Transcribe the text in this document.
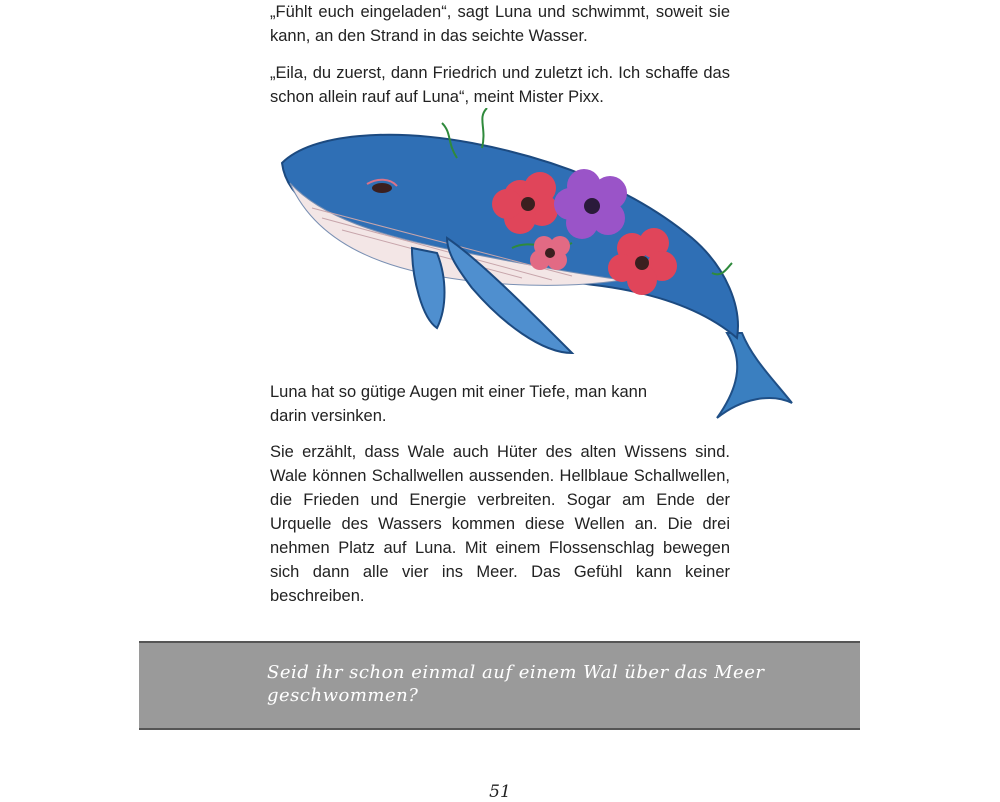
„Fühlt euch eingeladen“, sagt Luna und schwimmt, soweit sie kann, an den Strand in das seichte Wasser.

„Eila, du zuerst, dann Friedrich und zuletzt ich. Ich schaffe das schon allein rauf auf Luna“, meint Mister Pixx.

Luna hat so gütige Augen mit einer Tiefe, man kann darin versinken.

Sie erzählt, dass Wale auch Hüter des alten Wissens sind. Wale können Schallwellen aussenden. Hellblaue Schallwellen, die Frieden und Energie verbreiten. Sogar am Ende der Urquelle des Wassers kommen diese Wellen an. Die drei nehmen Platz auf Luna. Mit einem Flossenschlag bewegen sich dann alle vier ins Meer. Das Gefühl kann keiner beschreiben.

Seid ihr schon einmal auf einem Wal über das Meer geschwommen?
51
